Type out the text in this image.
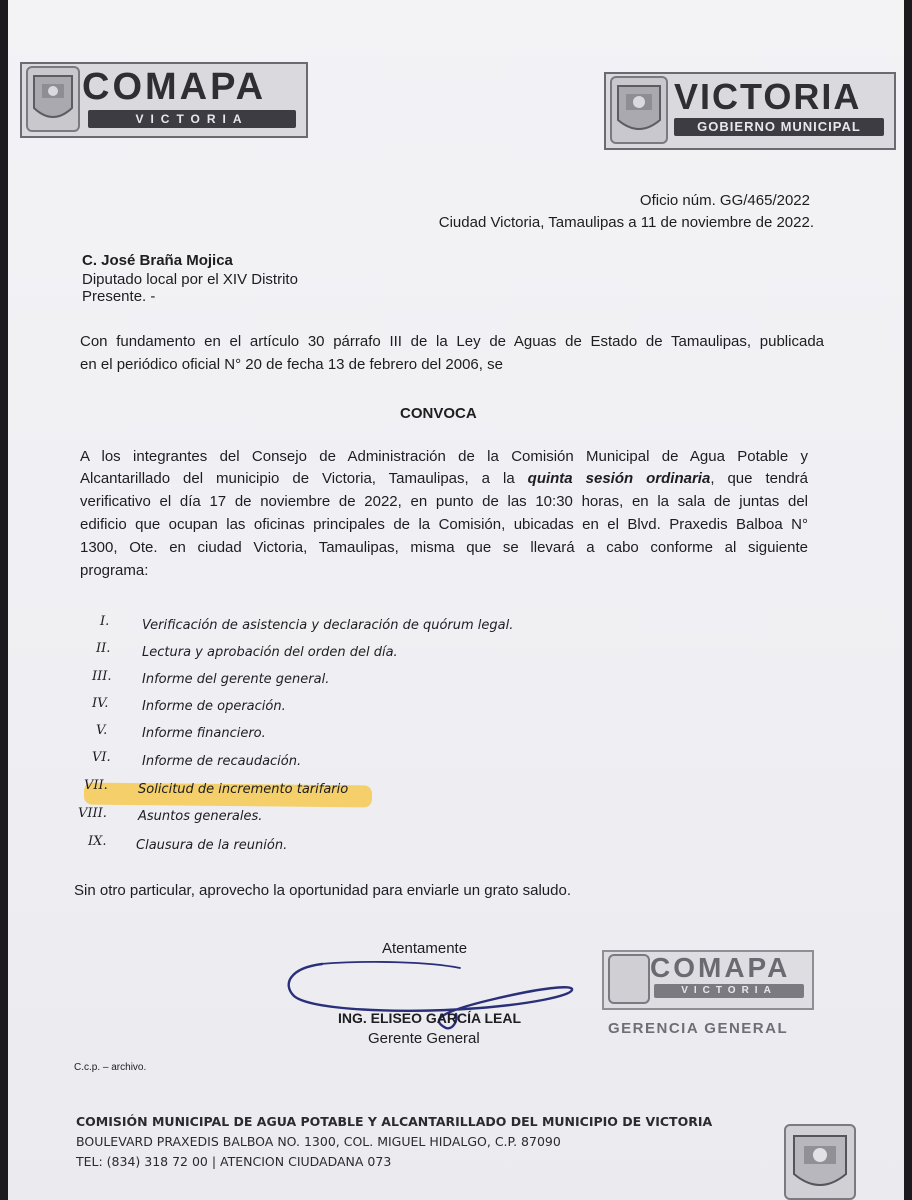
COMAPA
VICTORIA
VICTORIA
GOBIERNO MUNICIPAL
Oficio núm. GG/465/2022
Ciudad Victoria, Tamaulipas a 11 de noviembre de 2022.
C. José Braña Mojica
Diputado local por el XIV Distrito
Presente. -
Con fundamento en el artículo 30 párrafo III de la Ley de Aguas de Estado de Tamaulipas, publicada
en el periódico oficial N° 20 de fecha 13 de febrero del 2006, se
CONVOCA
A los integrantes del Consejo de Administración de la Comisión Municipal de Agua Potable y
Alcantarillado del municipio de Victoria, Tamaulipas, a la quinta sesión ordinaria, que tendrá
verificativo el día 17 de noviembre de 2022, en punto de las 10:30 horas, en la sala de juntas del
edificio que ocupan las oficinas principales de la Comisión, ubicadas en el Blvd. Praxedis Balboa N°
1300, Ote. en ciudad Victoria, Tamaulipas, misma que se llevará a cabo conforme al siguiente
programa:
I.	Verificación de asistencia y declaración de quórum legal.
II. Lectura y aprobación del orden del día.
III. Informe del gerente general.
IV.	Informe de operación.
V.	Informe financiero.
VI. Informe de recaudación.
VII. Solicitud de incremento tarifario
VIII. Asuntos generales.
IX. Clausura de la reunión.
Sin otro particular, aprovecho la oportunidad para enviarle un grato saludo.
Atentamente
ING. ELISEO GARCÍA LEAL
Gerente General
COMAPA
VICTORIA
GERENCIA GENERAL
C.c.p. – archivo.
COMISIÓN MUNICIPAL DE AGUA POTABLE Y ALCANTARILLADO DEL MUNICIPIO DE VICTORIA
BOULEVARD PRAXEDIS BALBOA NO. 1300, COL. MIGUEL HIDALGO, C.P. 87090
TEL: (834) 318 72 00 | ATENCION CIUDADANA 073
